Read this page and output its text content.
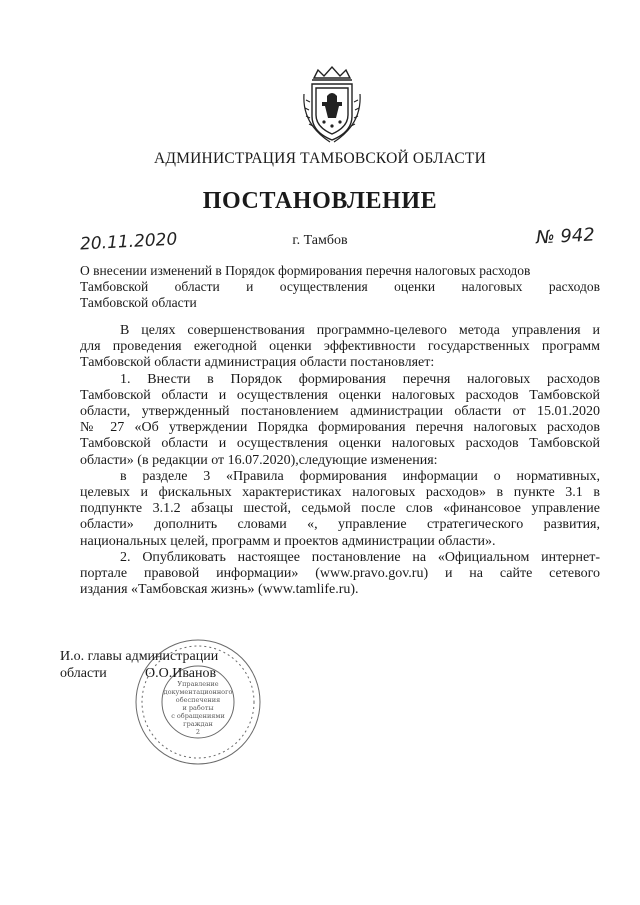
АДМИНИСТРАЦИЯ ТАМБОВСКОЙ ОБЛАСТИ
ПОСТАНОВЛЕНИЕ
20.11.2020	г. Тамбов	№ 942
О внесении изменений в Порядок формирования перечня налоговых расходов
Тамбовской области и осуществления оценки налоговых расходов
Тамбовской области

В целях совершенствования программно-целевого метода управления и
для проведения ежегодной оценки эффективности государственных программ
Тамбовской области администрация области постановляет:

1. Внести в Порядок формирования перечня налоговых расходов
Тамбовской области и осуществления оценки налоговых расходов Тамбовской
области, утвержденный постановлением администрации области от 15.01.2020
№ 27 «Об утверждении Порядка формирования перечня налоговых расходов
Тамбовской области и осуществления оценки налоговых расходов Тамбовской
области» (в редакции от 16.07.2020),следующие изменения:

в разделе 3 «Правила формирования информации о нормативных,
целевых и фискальных характеристиках налоговых расходов» в пункте 3.1 в
подпункте 3.1.2 абзацы шестой, седьмой после слов «финансовое управление
области» дополнить словами «, управление стратегического развития,
национальных целей, программ и проектов администрации области».

2. Опубликовать настоящее постановление на «Официальном интернет-
портале правовой информации» (www.pravo.gov.ru) и на сайте сетевого
издания «Тамбовская жизнь» (www.tamlife.ru).

Управление
документационного
обеспечения
и работы
с обращениями
граждан
2
И.о. главы администрации
области	О.О.Иванов
